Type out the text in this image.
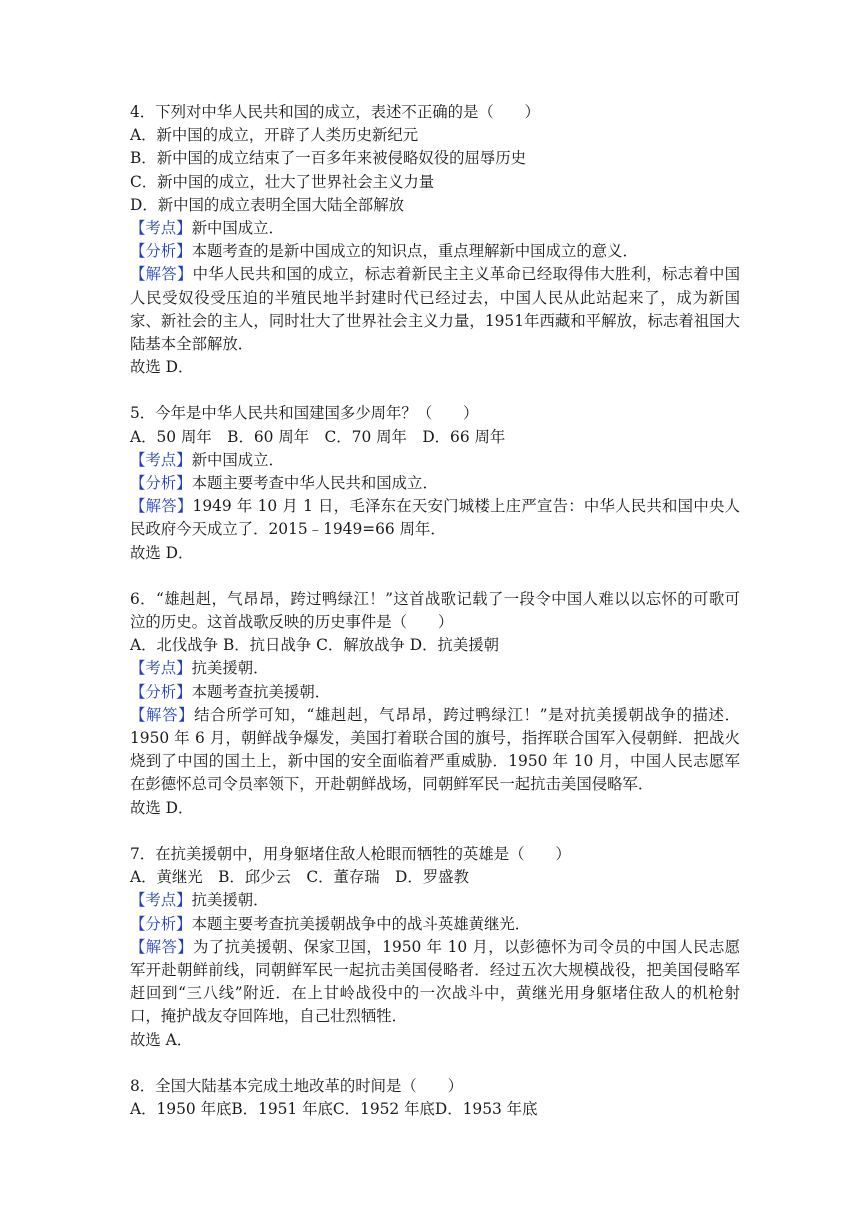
4．下列对中华人民共和国的成立，表述不正确的是（　　）
A．新中国的成立，开辟了人类历史新纪元
B．新中国的成立结束了一百多年来被侵略奴役的屈辱历史
C．新中国的成立，壮大了世界社会主义力量
D．新中国的成立表明全国大陆全部解放
【考点】新中国成立．
【分析】本题考查的是新中国成立的知识点，重点理解新中国成立的意义．
【解答】中华人民共和国的成立，标志着新民主主义革命已经取得伟大胜利，标志着中国人民受奴役受压迫的半殖民地半封建时代已经过去，中国人民从此站起来了，成为新国家、新社会的主人，同时壮大了世界社会主义力量，1951年西藏和平解放，标志着祖国大陆基本全部解放．
故选 D．
5．今年是中华人民共和国建国多少周年？（　　）
A．50 周年　B．60 周年　C．70 周年　D．66 周年
【考点】新中国成立．
【分析】本题主要考查中华人民共和国成立．
【解答】1949 年 10 月 1 日，毛泽东在天安门城楼上庄严宣告：中华人民共和国中央人民政府今天成立了．2015﹣1949=66 周年．
故选 D．
6．“雄赳赳，气昂昂，跨过鸭绿江！”这首战歌记载了一段令中国人难以以忘怀的可歌可泣的历史。这首战歌反映的历史事件是（　　）
A．北伐战争 B．抗日战争 C．解放战争 D．抗美援朝
【考点】抗美援朝．
【分析】本题考查抗美援朝．
【解答】结合所学可知，“雄赳赳，气昂昂，跨过鸭绿江！”是对抗美援朝战争的描述．1950 年 6 月，朝鲜战争爆发，美国打着联合国的旗号，指挥联合国军入侵朝鲜．把战火烧到了中国的国土上，新中国的安全面临着严重威胁．1950 年 10 月，中国人民志愿军在彭德怀总司令员率领下，开赴朝鲜战场，同朝鲜军民一起抗击美国侵略军．
故选 D．
7．在抗美援朝中，用身躯堵住敌人枪眼而牺牲的英雄是（　　）
A．黄继光　B．邱少云　C．董存瑞　D．罗盛教
【考点】抗美援朝．
【分析】本题主要考查抗美援朝战争中的战斗英雄黄继光．
【解答】为了抗美援朝、保家卫国，1950 年 10 月，以彭德怀为司令员的中国人民志愿军开赴朝鲜前线，同朝鲜军民一起抗击美国侵略者．经过五次大规模战役，把美国侵略军赶回到“三八线”附近．在上甘岭战役中的一次战斗中，黄继光用身躯堵住敌人的机枪射口，掩护战友夺回阵地，自己壮烈牺牲．
故选 A．
8．全国大陆基本完成土地改革的时间是（　　）
A．1950 年底B．1951 年底C．1952 年底D．1953 年底
